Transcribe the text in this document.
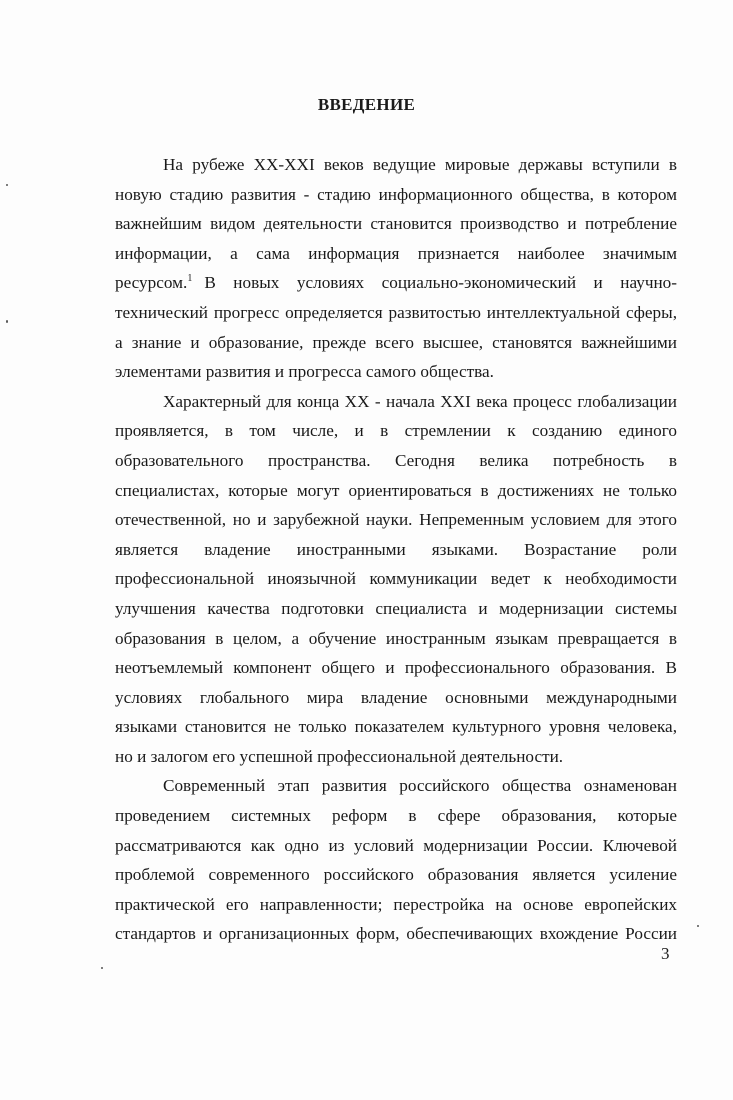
ВВЕДЕНИЕ
На рубеже XX-XXI веков ведущие мировые державы вступили в
новую стадию развития - стадию информационного общества, в котором
важнейшим видом деятельности становится производство и потребление
информации, а сама информация признается наиболее значимым
ресурсом.$^1$ В новых условиях социально-экономический и научно-
технический прогресс определяется развитостью интеллектуальной сферы,
а знание и образование, прежде всего высшее, становятся важнейшими
элементами развития и прогресса самого общества.
Характерный для конца XX - начала XXI века процесс глобализации
проявляется, в том числе, и в стремлении к созданию единого
образовательного пространства. Сегодня велика потребность в
специалистах, которые могут ориентироваться в достижениях не только
отечественной, но и зарубежной науки. Непременным условием для этого
является владение иностранными языками. Возрастание роли
профессиональной иноязычной коммуникации ведет к необходимости
улучшения качества подготовки специалиста и модернизации системы
образования в целом, а обучение иностранным языкам превращается в
неотъемлемый компонент общего и профессионального образования. В
условиях глобального мира владение основными международными
языками становится не только показателем культурного уровня человека,
но и залогом его успешной профессиональной деятельности.
Современный этап развития российского общества ознаменован
проведением системных реформ в сфере образования, которые
рассматриваются как одно из условий модернизации России. Ключевой
проблемой современного российского образования является усиление
практической его направленности; перестройка на основе европейских
стандартов и организационных форм, обеспечивающих вхождение России
3
